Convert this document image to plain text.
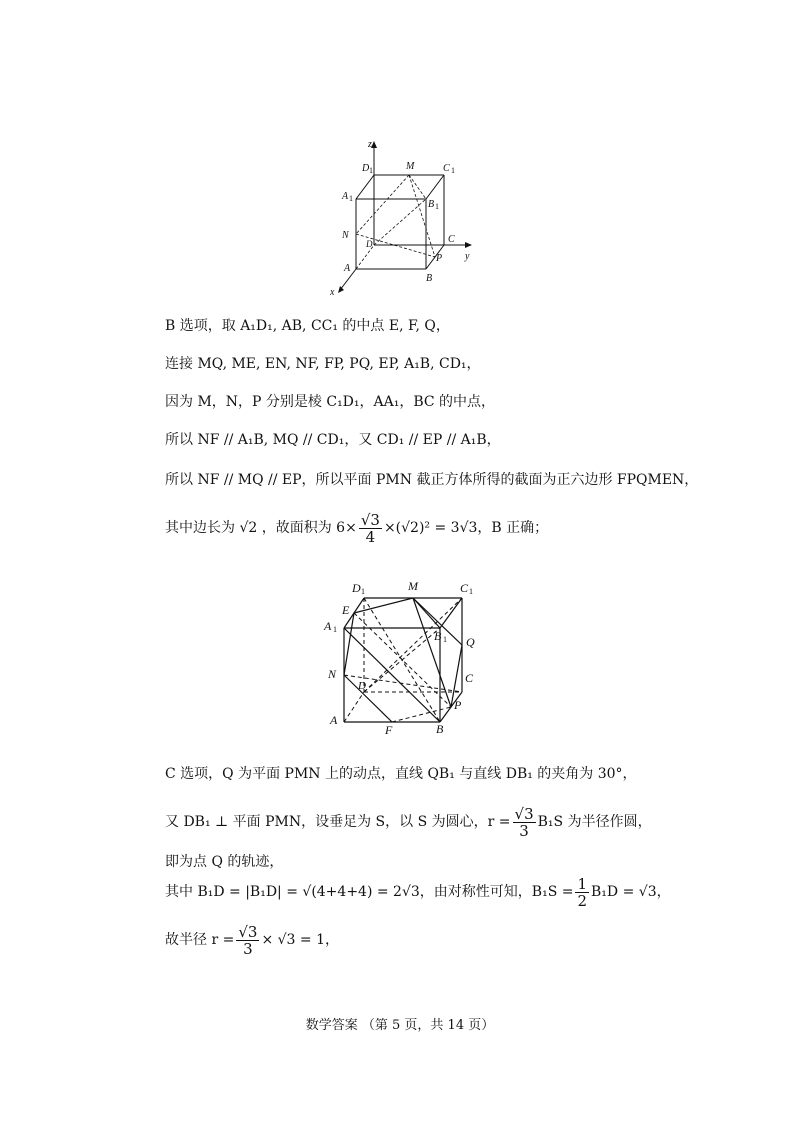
z
y
x
D 1	M	C 1
A 1
B 1
N
D	C
A
P
B
B 选项，取 A₁D₁, AB, CC₁ 的中点 E, F, Q，
连接 MQ, ME, EN, NF, FP, PQ, EP, A₁B, CD₁，
因为 M，N，P 分别是棱 C₁D₁，AA₁，BC 的中点，
所以 NF // A₁B, MQ // CD₁，又 CD₁ // EP // A₁B，
所以 NF // MQ // EP，所以平面 PMN 截正方体所得的截面为正六边形 FPQMEN，
其中边长为 √2 ，故面积为 $6\times \frac{√3}{4} \times(√2)^2 = 3√3$，B 正确；
D 1	M	C 1
E
A 1	B 1 Q
N
D
C
P
A
F	B
C 选项，Q 为平面 PMN 上的动点，直线 QB₁ 与直线 DB₁ 的夹角为 30°，
又 DB₁ ⊥ 平面 PMN，设垂足为 S，以 S 为圆心，$r = \frac{√3}{3} B_1S$ 为半径作圆，
即为点 Q 的轨迹，
其中 B₁D = |B₁D| = √(4+4+4) = 2√3，由对称性可知，$B_1S = \frac{1}{2} B_1D = √3$，
故半径 $r = \frac{√3}{3} \times √3 = 1$，
数学答案 （第 5 页，共 14 页）
